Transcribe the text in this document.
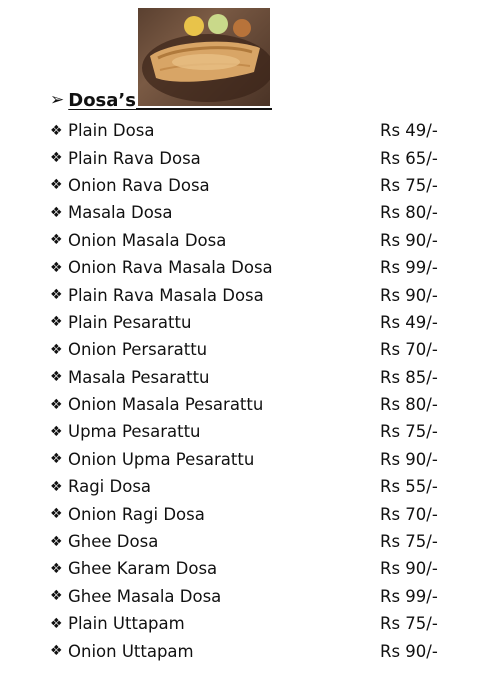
➢ Dosa’s
❖ Plain Dosa	Rs 49/-
❖ Plain Rava Dosa	Rs 65/-
❖ Onion Rava Dosa	Rs 75/-
❖ Masala Dosa	Rs 80/-
❖ Onion Masala Dosa	Rs 90/-
❖ Onion Rava Masala Dosa	Rs 99/-
❖ Plain Rava Masala Dosa	Rs 90/-
❖ Plain Pesarattu	Rs 49/-
❖ Onion Persarattu	Rs 70/-
❖ Masala Pesarattu	Rs 85/-
❖ Onion Masala Pesarattu	Rs 80/-
❖ Upma Pesarattu	Rs 75/-
❖ Onion Upma Pesarattu	Rs 90/-
❖ Ragi Dosa	Rs 55/-
❖ Onion Ragi Dosa	Rs 70/-
❖ Ghee Dosa	Rs 75/-
❖ Ghee Karam Dosa	Rs 90/-
❖ Ghee Masala Dosa	Rs 99/-
❖ Plain Uttapam	Rs 75/-
❖ Onion Uttapam	Rs 90/-
